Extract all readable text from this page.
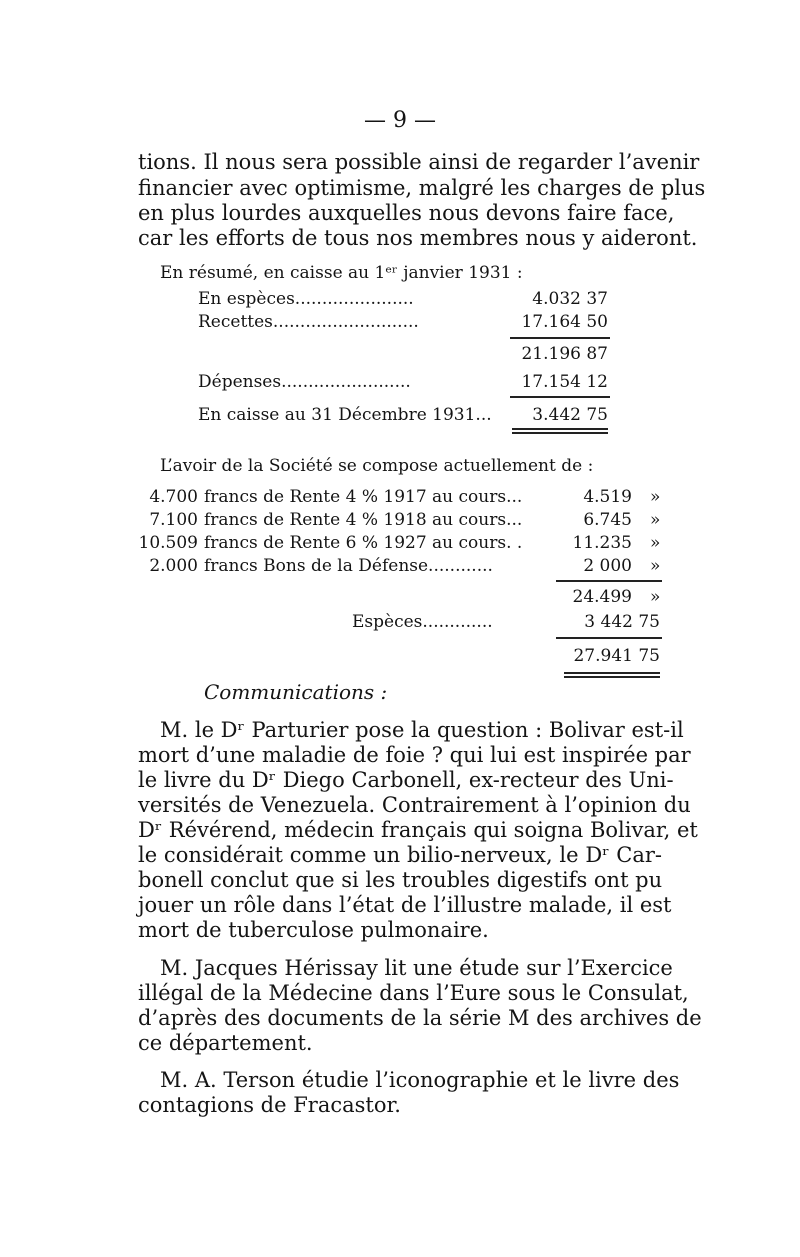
— 9 —
tions. Il nous sera possible ainsi de regarder l’avenir
financier avec optimisme, malgré les charges de plus
en plus lourdes auxquelles nous devons faire face,
car les efforts de tous nos membres nous y aideront.
En résumé, en caisse au 1ᵉʳ janvier 1931 :
En espèces......................	4.032 37
Recettes...........................	17.164 50
21.196 87
Dépenses........................	17.154 12
En caisse au 31 Décembre 1931... 3.442 75
L’avoir de la Société se compose actuellement de :
4.700 francs de Rente 4 % 1917 au cours...	4.519 »
7.100 francs de Rente 4 % 1918 au cours...	6.745 »
10.509 francs de Rente 6 % 1927 au cours. .	11.235 »
2.000 francs Bons de la Défense............	2 000 »
24.499 »
Espèces.............	3 442 75
27.941 75
Communications :
M. le Dʳ Parturier pose la question : Bolivar est-il
mort d’une maladie de foie ? qui lui est inspirée par
le livre du Dʳ Diego Carbonell, ex-recteur des Uni-
versités de Venezuela. Contrairement à l’opinion du
Dʳ Révérend, médecin français qui soigna Bolivar, et
le considérait comme un bilio-nerveux, le Dʳ Car-
bonell conclut que si les troubles digestifs ont pu
jouer un rôle dans l’état de l’illustre malade, il est
mort de tuberculose pulmonaire.
M. Jacques Hérissay lit une étude sur l’Exercice
illégal de la Médecine dans l’Eure sous le Consulat,
d’après des documents de la série M des archives de
ce département.
M. A. Terson étudie l’iconographie et le livre des
contagions de Fracastor.
